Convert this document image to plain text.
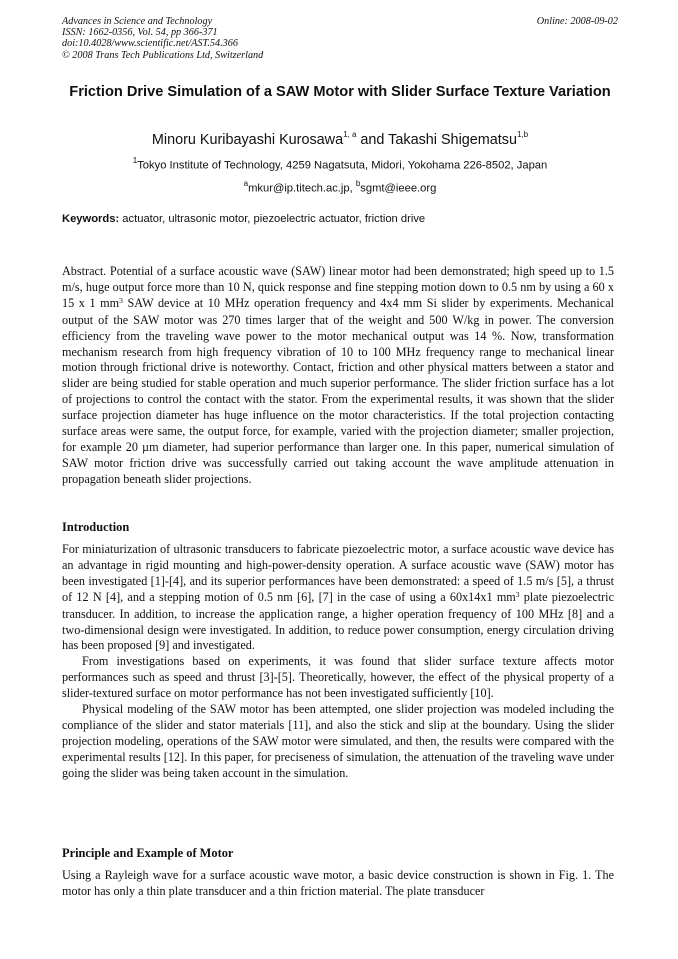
Advances in Science and Technology
ISSN: 1662-0356, Vol. 54, pp 366-371
doi:10.4028/www.scientific.net/AST.54.366
© 2008 Trans Tech Publications Ltd, Switzerland
Online: 2008-09-02
Friction Drive Simulation of a SAW Motor with Slider Surface Texture Variation
Minoru Kuribayashi Kurosawa$^{1, a}$ and Takashi Shigematsu$^{1,b}$
$^1$Tokyo Institute of Technology, 4259 Nagatsuta, Midori, Yokohama 226-8502, Japan
$^a$mkur@ip.titech.ac.jp, $^b$sgmt@ieee.org
Keywords: actuator, ultrasonic motor, piezoelectric actuator, friction drive
Abstract. Potential of a surface acoustic wave (SAW) linear motor had been demonstrated; high speed up to 1.5 m/s, huge output force more than 10 N, quick response and fine stepping motion down to 0.5 nm by using a 60 x 15 x 1 $mm^3$ SAW device at 10 MHz operation frequency and 4x4 mm Si slider by experiments. Mechanical output of the SAW motor was 270 times larger that of the weight and 500 W/kg in power. The conversion efficiency from the traveling wave power to the motor mechanical output was 14 %. Now, transformation mechanism research from high frequency vibration of 10 to 100 MHz frequency range to mechanical linear motion through frictional drive is noteworthy. Contact, friction and other physical matters between a stator and slider are being studied for stable operation and much superior performance. The slider friction surface has a lot of projections to control the contact with the stator. From the experimental results, it was shown that the slider surface projection diameter has huge influence on the motor characteristics. If the total projection contacting surface areas were same, the output force, for example, varied with the projection diameter; smaller projection, for example 20 µm diameter, had superior performance than larger one. In this paper, numerical simulation of SAW motor friction drive was successfully carried out taking account the wave amplitude attenuation in propagation beneath slider projections.
Introduction

For miniaturization of ultrasonic transducers to fabricate piezoelectric motor, a surface acoustic wave device has an advantage in rigid mounting and high-power-density operation. A surface acoustic wave (SAW) motor has been investigated [1]-[4], and its superior performances have been demonstrated: a speed of 1.5 m/s [5], a thrust of 12 N [4], and a stepping motion of 0.5 nm [6], [7] in the case of using a 60x14x1 $mm^3$ plate piezoelectric transducer. In addition, to increase the application range, a higher operation frequency of 100 MHz [8] and a two-dimensional design were investigated. In addition, to reduce power consumption, energy circulation driving has been proposed [9] and investigated.

From investigations based on experiments, it was found that slider surface texture affects motor performances such as speed and thrust [3]-[5]. Theoretically, however, the effect of the physical property of a slider-textured surface on motor performance has not been investigated sufficiently [10].

Physical modeling of the SAW motor has been attempted, one slider projection was modeled including the compliance of the slider and stator materials [11], and also the stick and slip at the boundary. Using the slider projection modeling, operations of the SAW motor were simulated, and then, the results were compared with the experimental results [12]. In this paper, for preciseness of simulation, the attenuation of the traveling wave under going the slider was being taken account in the simulation.

Principle and Example of Motor
Using a Rayleigh wave for a surface acoustic wave motor, a basic device construction is shown in Fig. 1. The motor has only a thin plate transducer and a thin friction material. The plate transducer
